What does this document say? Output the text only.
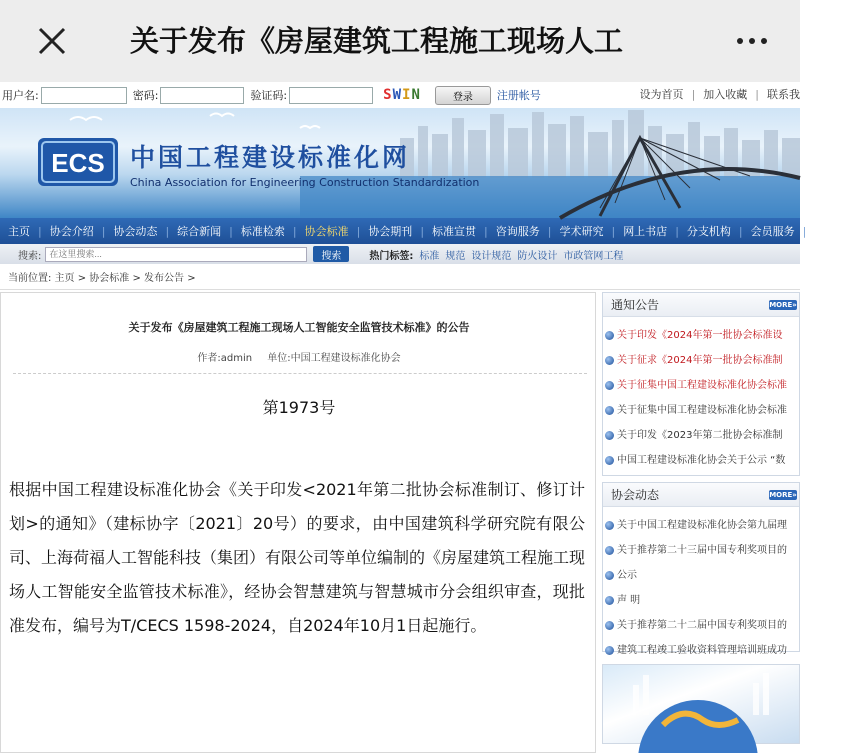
关于发布《房屋建筑工程施工现场人工
用户名:	密码:	验证码:	SWIN	登录	注册帐号	设为首页 | 加入收藏 | 联系我
ECS 中国工程建设标准化网
China Association for Engineering Construction Standardization
主页 | 协会介绍 | 协会动态 | 综合新闻 | 标准检索 | 协会标准 | 协会期刊 | 标准宣贯 | 咨询服务 | 学术研究 | 网上书店 | 分支机构 | 会员服务 | 专家库
搜索:
在这里搜索...	搜索	热门标签: 标准 规范 设计规范 防火设计 市政管网工程
当前位置: 主页 > 协会标准 > 发布公告 >
关于发布《房屋建筑工程施工现场人工智能安全监管技术标准》的公告
作者:admin 单位:中国工程建设标准化协会
第1973号
根据中国工程建设标准化协会《关于印发<2021年第二批协会标准制订、修订计划>的通知》（建标协字〔2021〕20号）的要求，由中国建筑科学研究院有限公司、上海荷福人工智能科技（集团）有限公司等单位编制的《房屋建筑工程施工现场人工智能安全监管技术标准》，经协会智慧建筑与智慧城市分会组织审查，现批准发布，编号为T/CECS 1598-2024，自2024年10月1日起施行。
通知公告	MORE»
关于印发《2024年第一批协会标准设
关于征求《2024年第一批协会标准制
关于征集中国工程建设标准化协会标准
关于征集中国工程建设标准化协会标准
关于印发《2023年第二批协会标准制
中国工程建设标准化协会关于公示 “数
协会动态	MORE»
关于中国工程建设标准化协会第九届理
关于推荐第二十三届中国专利奖项目的
公示
声 明
关于推荐第二十二届中国专利奖项目的
建筑工程竣工验收资料管理培训班成功
